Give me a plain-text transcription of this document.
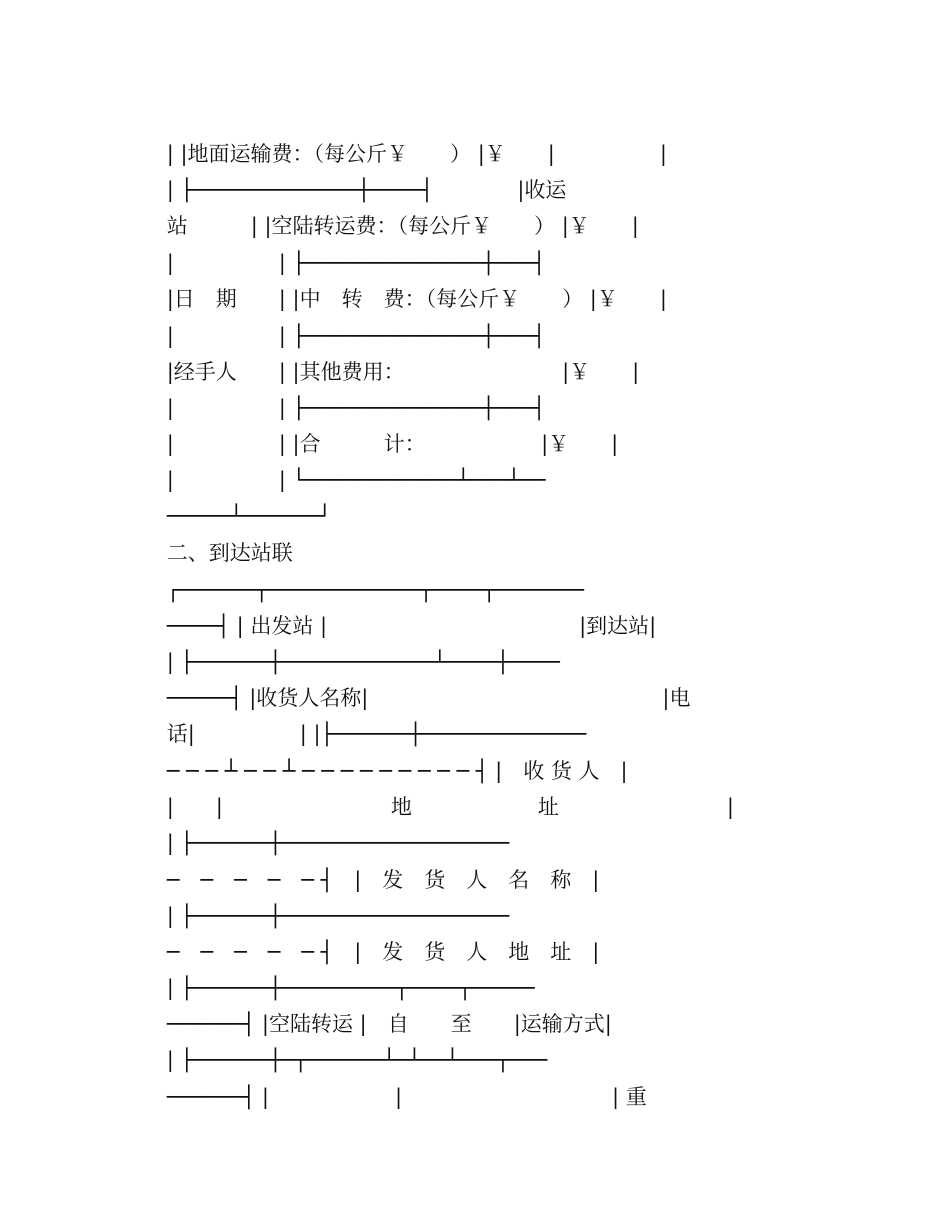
| |地面运输费：（每公斤￥　　） |￥　　|　　　　　|

| ├─────────────┼────┤　　　　|收运

站　　　| |空陆转运费：（每公斤￥　　） |￥　　|

|　　　　　| ├──────────────┼───┤

|日　期　　| |中　转　费：（每公斤￥　　） |￥　　|

|　　　　　| ├──────────────┼───┤

|经手人　　| |其他费用：　　　　　　　　|￥　　|

|　　　　　| ├──────────────┼───┤

|　　　　　| |合　　　计：　　　　　　|￥　　|

|　　　　　| └────────────┴───┴──

─────┴──────┘

二、到达站联

┌──────┬────────────┬────┬───────

────┤ | 出发站 |　　　　　　　　　　　　|到达站|

| ├──────┼────────────┴────┼────

─────┤ |收货人名称|　　　　　　　　　　　　　　|电

话|　　　　　| |├──────┼─────────────

─ ─ ─ ┴ ─ ─ ┴ ─ ─ ─ ─ ─ ─ ─ ─ ─ ┤ |　收 货 人　|

|　　|　　　　　　　　地　　　　　　址　　　　　　　　|

| ├──────┼──────────────────

─　─　─　─　─ ┤　|　发　货　人　名　称　|

| ├──────┼──────────────────

─　─　─　─　─ ┤　|　发　货　人　地　址　|

| ├──────┼─────────┬────┬─────

──────┤ |空陆转运 |　自　　至　　|运输方式|

| ├──────┼─┬──────┴─┴──┴───┬───

──────┤ |　　　　　　|　　　　　　　　　　| 重
